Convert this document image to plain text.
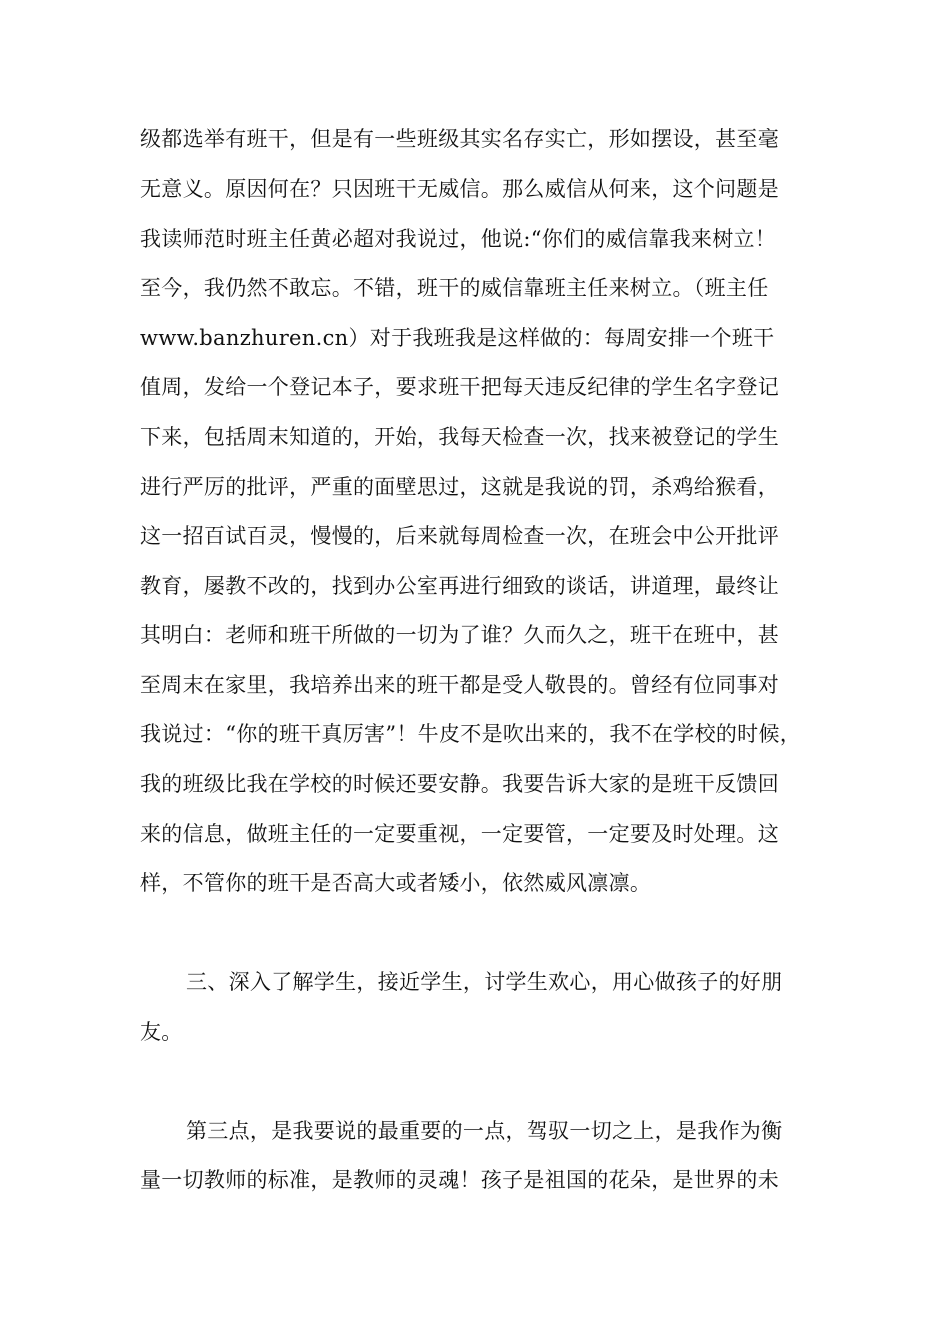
级都选举有班干，但是有一些班级其实名存实亡，形如摆设，甚至毫
无意义。原因何在？只因班干无威信。那么威信从何来，这个问题是
我读师范时班主任黄必超对我说过，他说:“你们的威信靠我来树立！
至今，我仍然不敢忘。不错，班干的威信靠班主任来树立。（班主任
www.banzhuren.cn）对于我班我是这样做的：每周安排一个班干
值周，发给一个登记本子，要求班干把每天违反纪律的学生名字登记
下来，包括周末知道的，开始，我每天检查一次，找来被登记的学生
进行严厉的批评，严重的面壁思过，这就是我说的罚，杀鸡给猴看，
这一招百试百灵，慢慢的，后来就每周检查一次，在班会中公开批评
教育，屡教不改的，找到办公室再进行细致的谈话，讲道理，最终让
其明白：老师和班干所做的一切为了谁？久而久之，班干在班中，甚
至周末在家里，我培养出来的班干都是受人敬畏的。曾经有位同事对
我说过：“你的班干真厉害”！牛皮不是吹出来的，我不在学校的时候，
我的班级比我在学校的时候还要安静。我要告诉大家的是班干反馈回
来的信息，做班主任的一定要重视，一定要管，一定要及时处理。这
样，不管你的班干是否高大或者矮小，依然威风凛凛。
三、深入了解学生，接近学生，讨学生欢心，用心做孩子的好朋
友。
第三点，是我要说的最重要的一点，驾驭一切之上，是我作为衡
量一切教师的标准，是教师的灵魂！孩子是祖国的花朵，是世界的未
